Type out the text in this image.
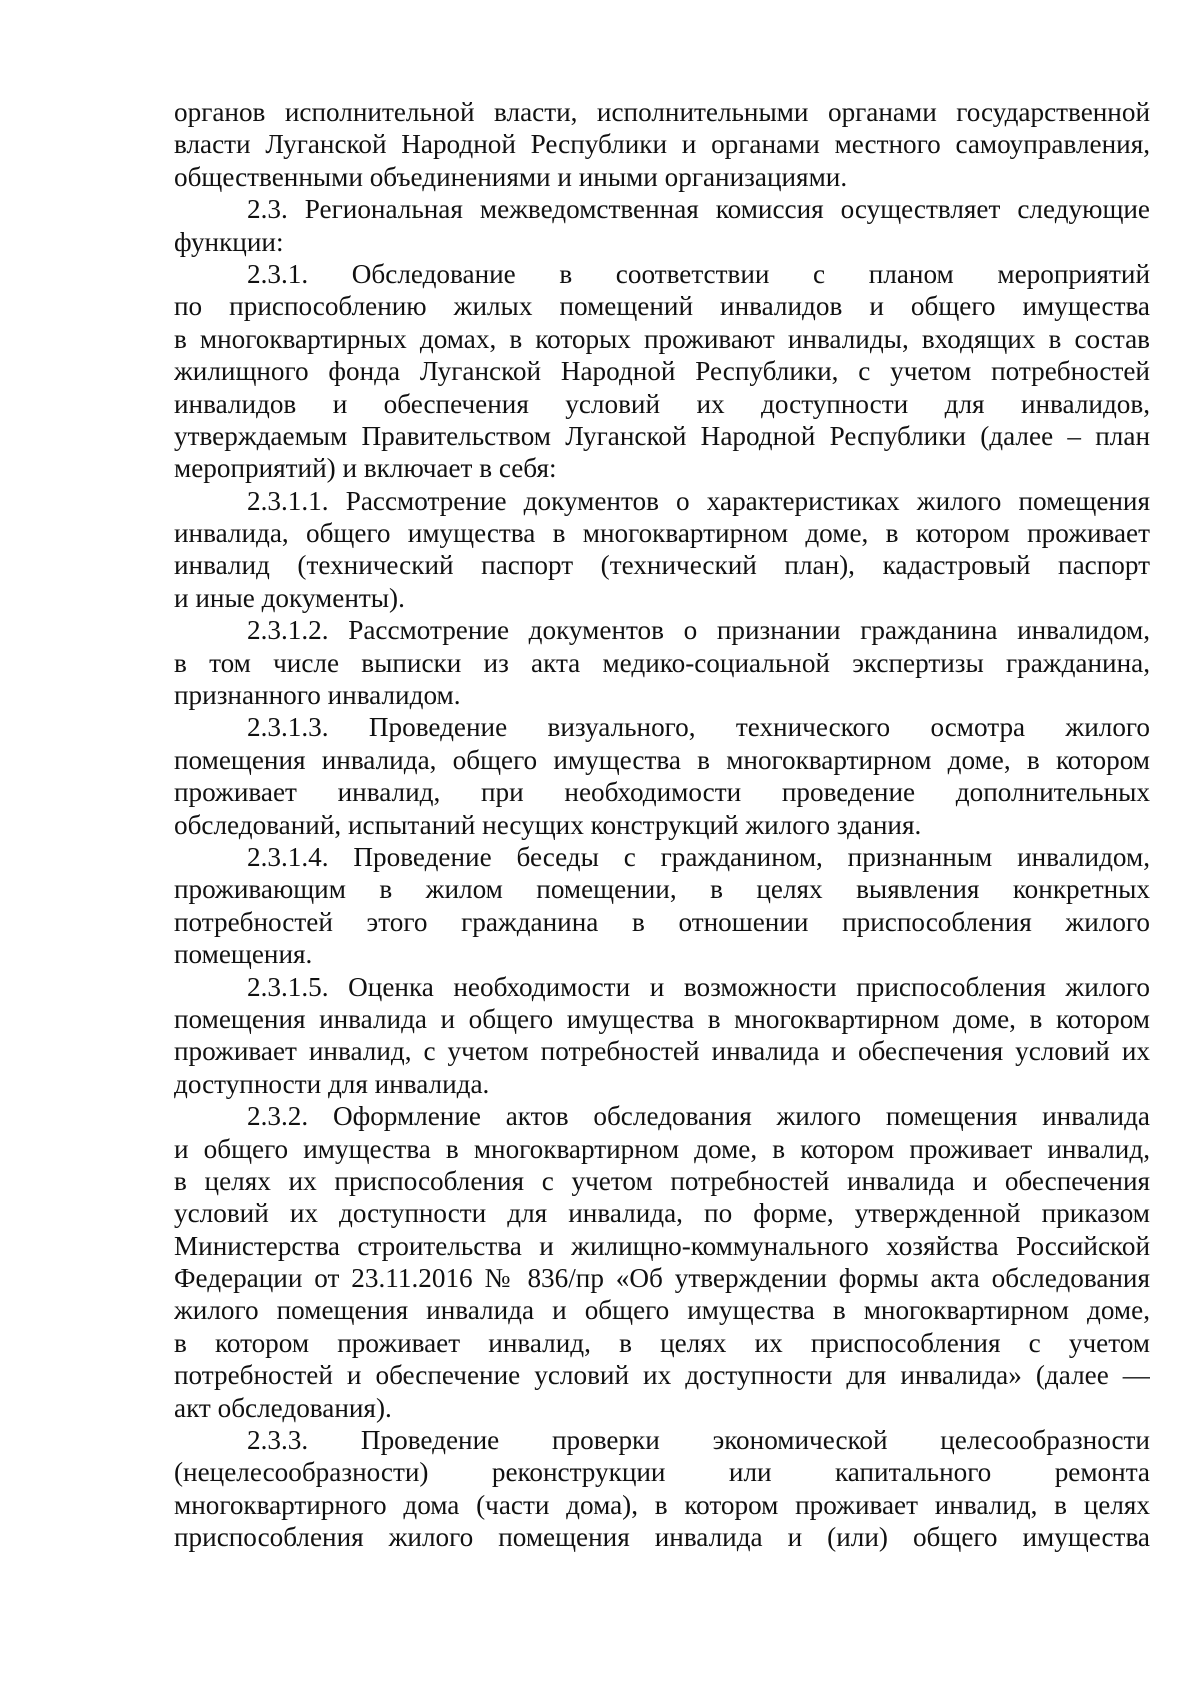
органов исполнительной власти, исполнительными органами государственной
власти Луганской Народной Республики и органами местного самоуправления,
общественными объединениями и иными организациями.
2.3. Региональная межведомственная комиссия осуществляет следующие
функции:
2.3.1. Обследование в соответствии с планом мероприятий
по приспособлению жилых помещений инвалидов и общего имущества
в многоквартирных домах, в которых проживают инвалиды, входящих в состав
жилищного фонда Луганской Народной Республики, с учетом потребностей
инвалидов и обеспечения условий их доступности для инвалидов,
утверждаемым Правительством Луганской Народной Республики (далее – план
мероприятий) и включает в себя:
2.3.1.1. Рассмотрение документов о характеристиках жилого помещения
инвалида, общего имущества в многоквартирном доме, в котором проживает
инвалид (технический паспорт (технический план), кадастровый паспорт
и иные документы).
2.3.1.2. Рассмотрение документов о признании гражданина инвалидом,
в том числе выписки из акта медико-социальной экспертизы гражданина,
признанного инвалидом.
2.3.1.3. Проведение визуального, технического осмотра жилого
помещения инвалида, общего имущества в многоквартирном доме, в котором
проживает инвалид, при необходимости проведение дополнительных
обследований, испытаний несущих конструкций жилого здания.
2.3.1.4. Проведение беседы с гражданином, признанным инвалидом,
проживающим в жилом помещении, в целях выявления конкретных
потребностей этого гражданина в отношении приспособления жилого
помещения.
2.3.1.5. Оценка необходимости и возможности приспособления жилого
помещения инвалида и общего имущества в многоквартирном доме, в котором
проживает инвалид, с учетом потребностей инвалида и обеспечения условий их
доступности для инвалида.
2.3.2. Оформление актов обследования жилого помещения инвалида
и общего имущества в многоквартирном доме, в котором проживает инвалид,
в целях их приспособления с учетом потребностей инвалида и обеспечения
условий их доступности для инвалида, по форме, утвержденной приказом
Министерства строительства и жилищно-коммунального хозяйства Российской
Федерации от 23.11.2016 № 836/пр «Об утверждении формы акта обследования
жилого помещения инвалида и общего имущества в многоквартирном доме,
в котором проживает инвалид, в целях их приспособления с учетом
потребностей и обеспечение условий их доступности для инвалида» (далее —
акт обследования).
2.3.3. Проведение проверки экономической целесообразности
(нецелесообразности) реконструкции или капитального ремонта
многоквартирного дома (части дома), в котором проживает инвалид, в целях
приспособления жилого помещения инвалида и (или) общего имущества
